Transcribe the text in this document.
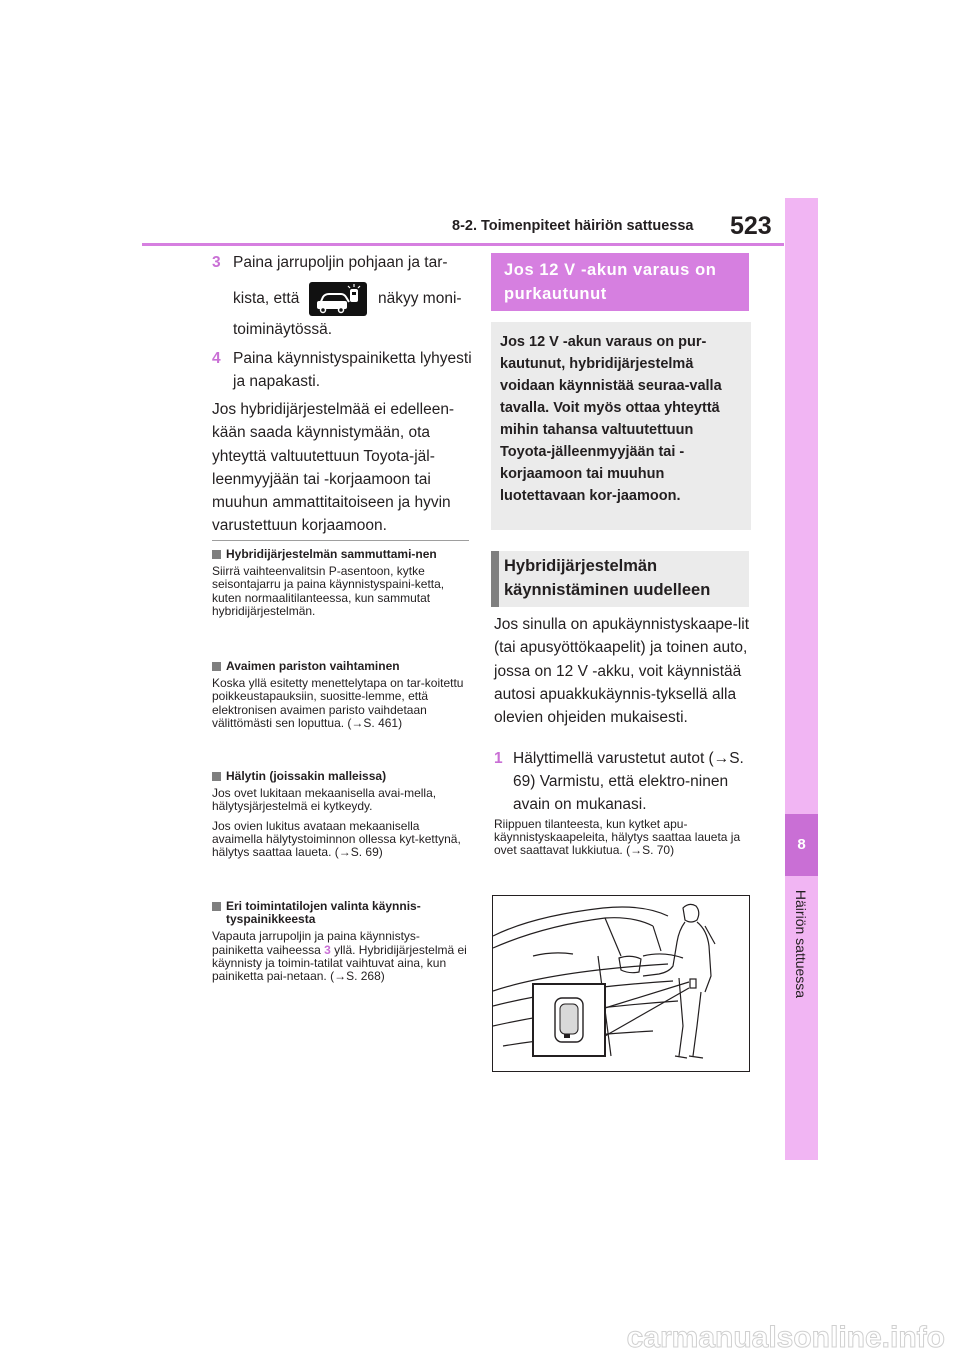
8-2. Toimenpiteet häiriön sattuessa 523
8
Häiriön sattuessa
3 Paina jarrupoljin pohjaan ja tar-
kista, että	näkyy moni-
toiminäytössä.
4 Paina käynnistyspainiketta lyhyesti ja napakasti.
Jos hybridijärjestelmää ei edelleen-kään saada käynnistymään, ota yhteyttä valtuutettuun Toyota-jäl-leenmyyjään tai -korjaamoon tai muuhun ammattitaitoiseen ja hyvin varustettuun korjaamoon.
Hybridijärjestelmän sammuttami-nen

Siirrä vaihteenvalitsin P-asentoon, kytke seisontajarru ja paina käynnistyspaini-ketta, kuten normaalitilanteessa, kun sammutat hybridijärjestelmän.

Avaimen pariston vaihtaminen

Koska yllä esitetty menettelytapa on tar-koitettu poikkeustapauksiin, suositte-lemme, että elektronisen avaimen paristo vaihdetaan välittömästi sen loputtua. (→S. 461)

Hälytin (joissakin malleissa)

Jos ovet lukitaan mekaanisella avai-mella, hälytysjärjestelmä ei kytkeydy.

Jos ovien lukitus avataan mekaanisella avaimella hälytystoiminnon ollessa kyt-kettynä, hälytys saattaa laueta. (→S. 69)

Eri toimintatilojen valinta käynnis-tyspainikkeesta

Vapauta jarrupoljin ja paina käynnistys-painiketta vaiheessa 3 yllä. Hybridijärjestelmä ei käynnisty ja toimin-tatilat vaihtuvat aina, kun painiketta pai-netaan. (→S. 268)

Jos 12 V -akun varaus on purkautunut
Jos 12 V -akun varaus on pur-kautunut, hybridijärjestelmä voidaan käynnistää seuraa-valla tavalla. Voit myös ottaa yhteyttä mihin tahansa valtuutettuun Toyota-jälleenmyyjään tai -korjaamoon tai muuhun luotettavaan kor-jaamoon.
Hybridijärjestelmän käynnistäminen uudelleen
Jos sinulla on apukäynnistyskaape-lit (tai apusyöttökaapelit) ja toinen auto, jossa on 12 V -akku, voit käynnistää autosi apuakkukäynnis-tyksellä alla olevien ohjeiden mukaisesti.
1 Hälyttimellä varustetut autot (→S. 69) Varmistu, että elektro-ninen avain on mukanasi.
Riippuen tilanteesta, kun kytket apu-käynnistyskaapeleita, hälytys saattaa laueta ja ovet saattavat lukkiutua. (→S. 70)
carmanualsonline.info
